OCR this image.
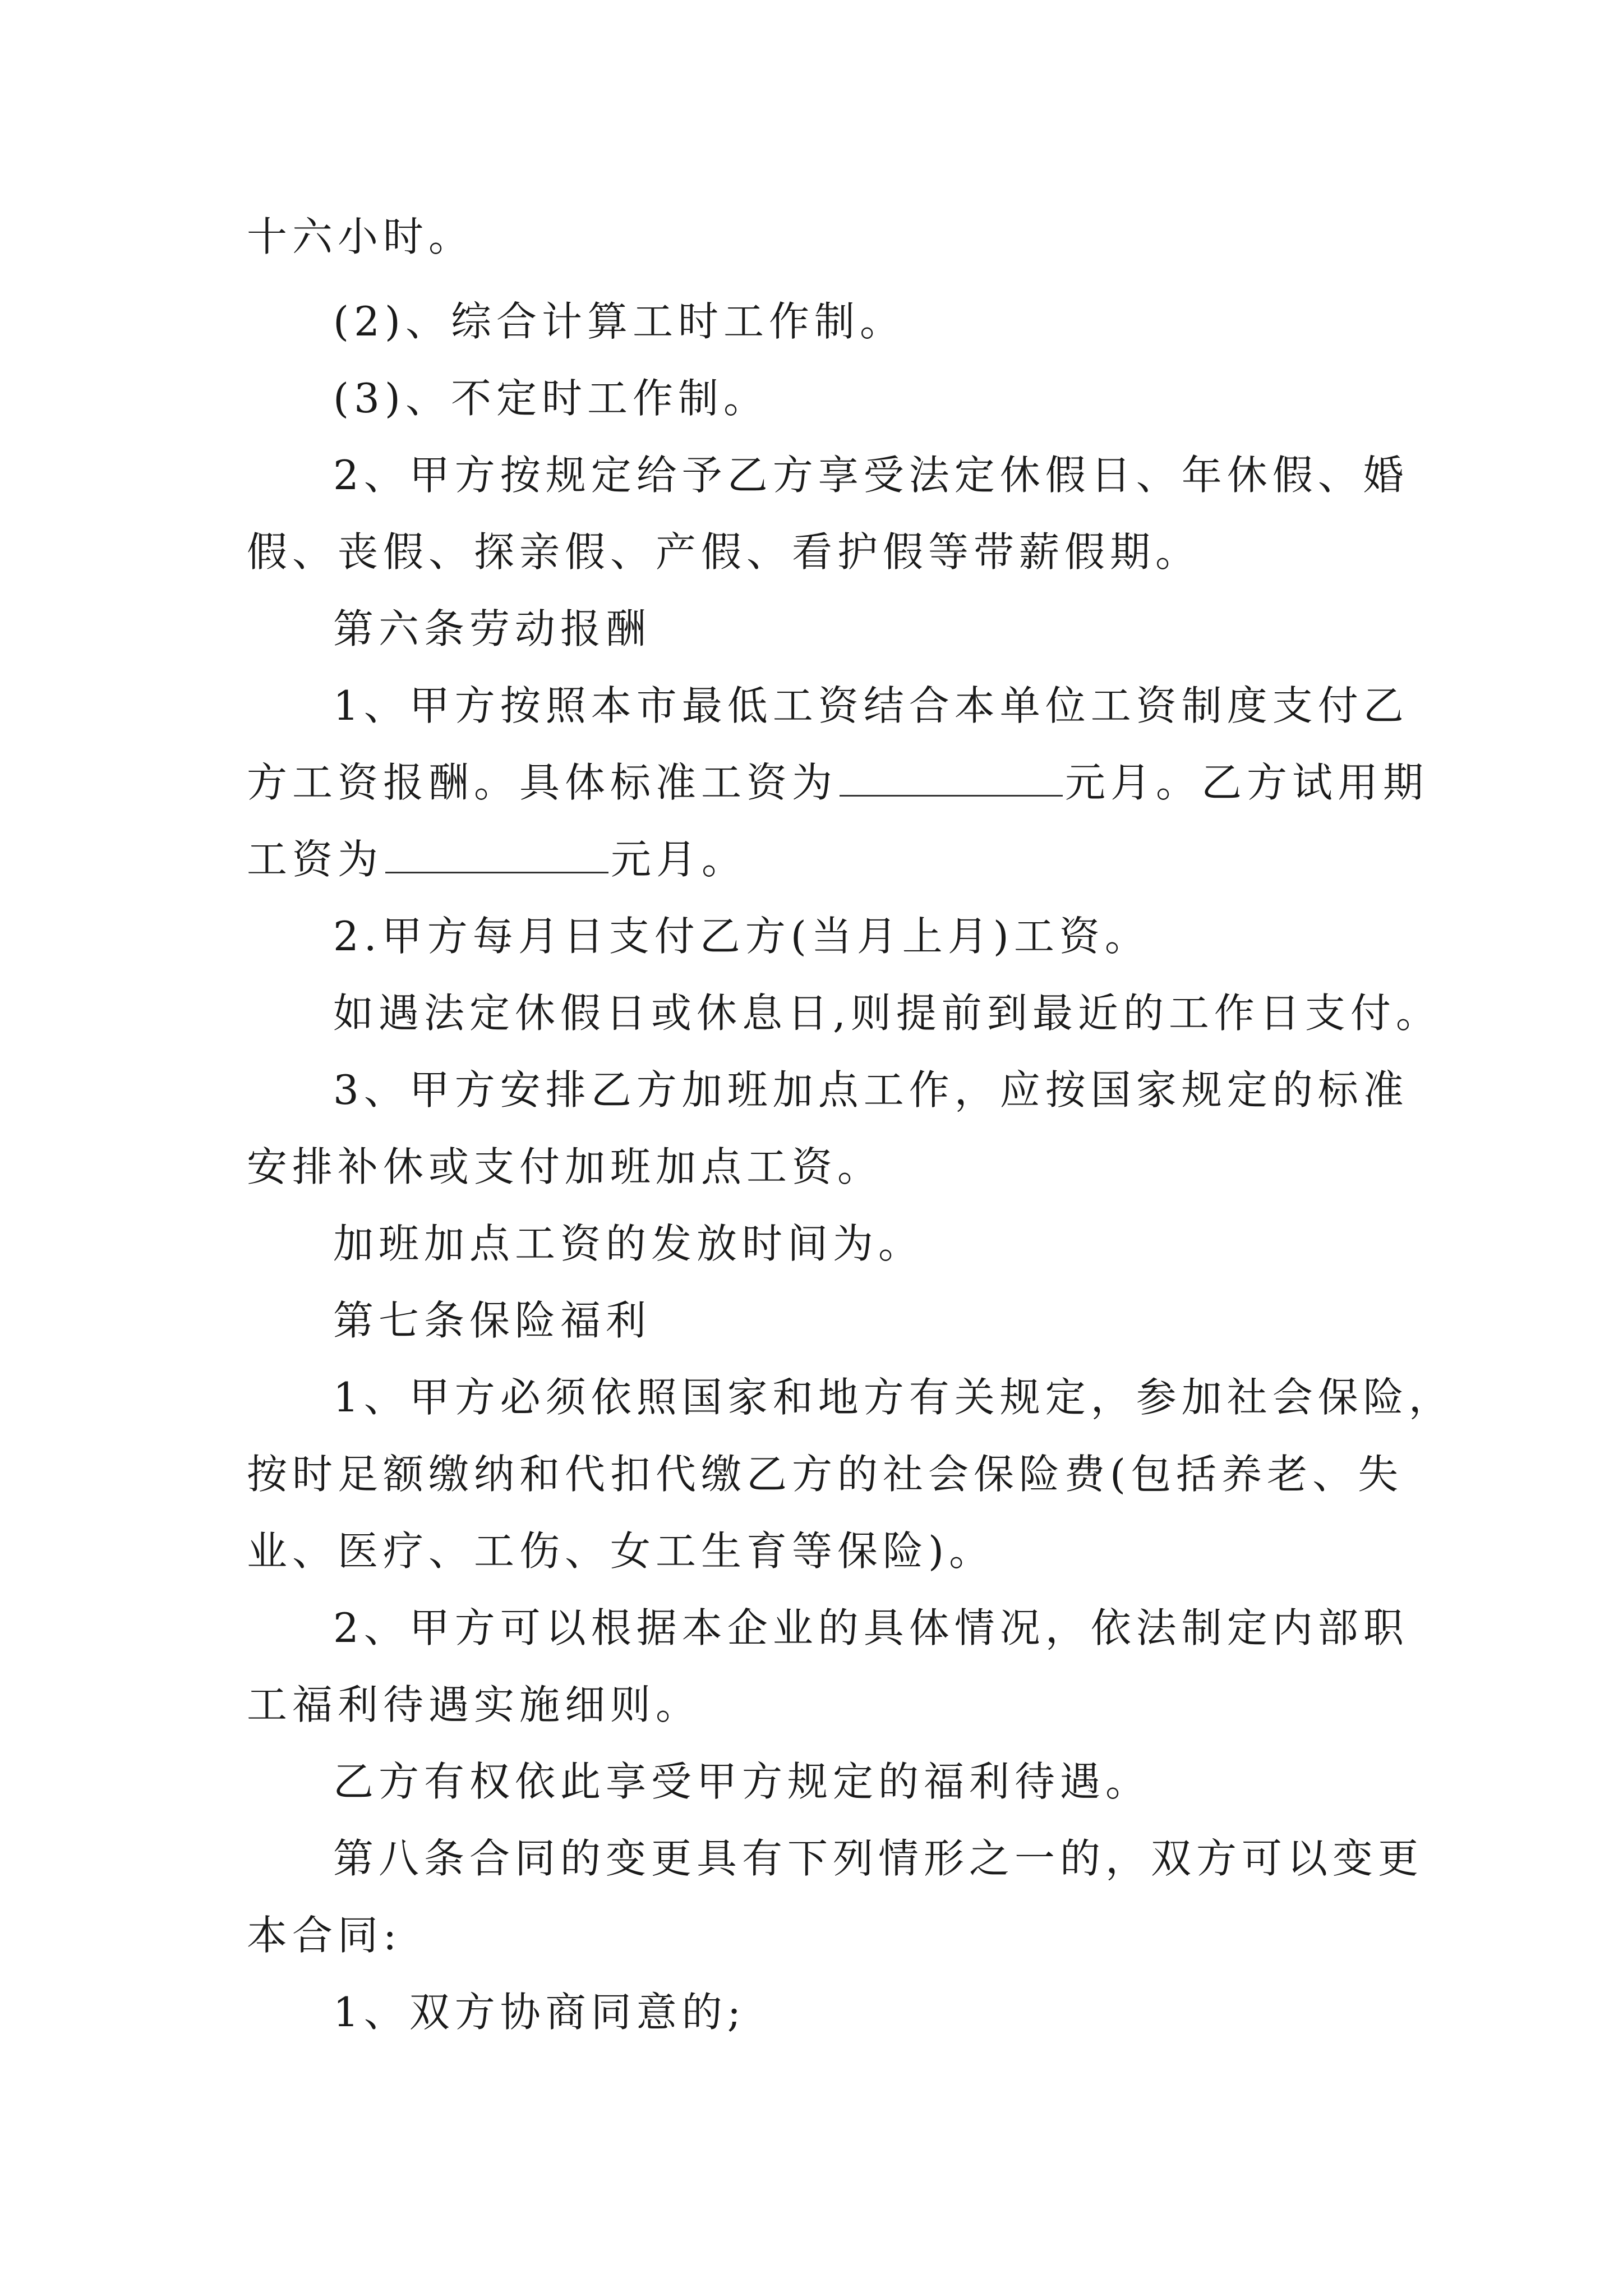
十六小时。
(2)、综合计算工时工作制。
(3)、不定时工作制。
2、甲方按规定给予乙方享受法定休假日、年休假、婚
假、丧假、探亲假、产假、看护假等带薪假期。
第六条劳动报酬
1、甲方按照本市最低工资结合本单位工资制度支付乙
方工资报酬。具体标准工资为	元月。乙方试用期
工资为	元月。
2.甲方每月日支付乙方(当月上月)工资。
如遇法定休假日或休息日,则提前到最近的工作日支付。
3、甲方安排乙方加班加点工作，应按国家规定的标准
安排补休或支付加班加点工资。
加班加点工资的发放时间为。
第七条保险福利
1、甲方必须依照国家和地方有关规定，参加社会保险，
按时足额缴纳和代扣代缴乙方的社会保险费(包括养老、失
业、医疗、工伤、女工生育等保险)。
2、甲方可以根据本企业的具体情况，依法制定内部职
工福利待遇实施细则。
乙方有权依此享受甲方规定的福利待遇。
第八条合同的变更具有下列情形之一的，双方可以变更
本合同:
1、双方协商同意的;
